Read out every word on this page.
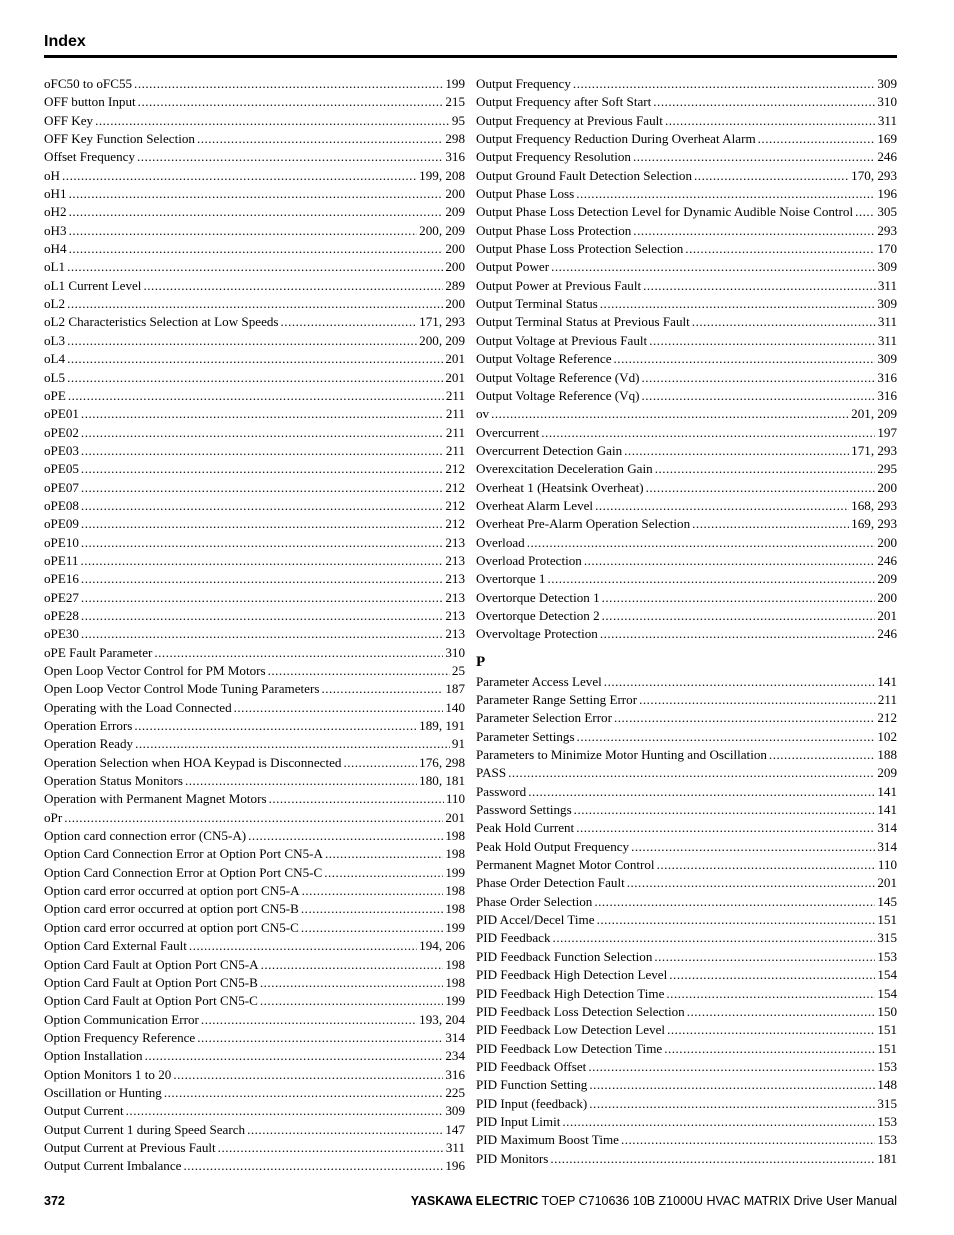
Index
oFC50 to oFC55 .....	199
OFF button Input .....	215
OFF Key .....	95
OFF Key Function Selection .....	298
Offset Frequency .....	316
oH .....	199, 208
oH1 .....	200
oH2 .....	209
oH3 .....	200, 209
oH4 .....	200
oL1 .....	200
oL1 Current Level .....	289
oL2 .....	200
oL2 Characteristics Selection at Low Speeds .....	171, 293
oL3 .....	200, 209
oL4 .....	201
oL5 .....	201
oPE .....	211
oPE01 .....	211
oPE02 .....	211
oPE03 .....	211
oPE05 .....	212
oPE07 .....	212
oPE08 .....	212
oPE09 .....	212
oPE10 .....	213
oPE11 .....	213
oPE16 .....	213
oPE27 .....	213
oPE28 .....	213
oPE30 .....	213
oPE Fault Parameter .....	310
Open Loop Vector Control for PM Motors .....	25
Open Loop Vector Control Mode Tuning Parameters .....	187
Operating with the Load Connected .....	140
Operation Errors .....	189, 191
Operation Ready .....	91
Operation Selection when HOA Keypad is Disconnected .....	176, 298
Operation Status Monitors .....	180, 181
Operation with Permanent Magnet Motors .....	110
oPr .....	201
Option card connection error (CN5-A) .....	198
Option Card Connection Error at Option Port CN5-A .....	198
Option Card Connection Error at Option Port CN5-C .....	199
Option card error occurred at option port CN5-A .....	198
Option card error occurred at option port CN5-B .....	198
Option card error occurred at option port CN5-C .....	199
Option Card External Fault .....	194, 206
Option Card Fault at Option Port CN5-A .....	198
Option Card Fault at Option Port CN5-B .....	198
Option Card Fault at Option Port CN5-C .....	199
Option Communication Error .....	193, 204
Option Frequency Reference .....	314
Option Installation .....	234
Option Monitors 1 to 20 .....	316
Oscillation or Hunting .....	225
Output Current .....	309
Output Current 1 during Speed Search .....	147
Output Current at Previous Fault .....	311
Output Current Imbalance .....	196
Output Frequency .....	309
Output Frequency after Soft Start .....	310
Output Frequency at Previous Fault .....	311
Output Frequency Reduction During Overheat Alarm .....	169
Output Frequency Resolution .....	246
Output Ground Fault Detection Selection .....	170, 293
Output Phase Loss .....	196
Output Phase Loss Detection Level for Dynamic Audible Noise Control ..... 305
Output Phase Loss Protection .....	293
Output Phase Loss Protection Selection .....	170
Output Power .....	309
Output Power at Previous Fault .....	311
Output Terminal Status .....	309
Output Terminal Status at Previous Fault .....	311
Output Voltage at Previous Fault .....	311
Output Voltage Reference .....	309
Output Voltage Reference (Vd) .....	316
Output Voltage Reference (Vq) .....	316
ov .....	201, 209
Overcurrent .....	197
Overcurrent Detection Gain .....	171, 293
Overexcitation Deceleration Gain .....	295
Overheat 1 (Heatsink Overheat) .....	200
Overheat Alarm Level .....	168, 293
Overheat Pre-Alarm Operation Selection .....	169, 293
Overload .....	200
Overload Protection .....	246
Overtorque 1 .....	209
Overtorque Detection 1 .....	200
Overtorque Detection 2 .....	201
Overvoltage Protection .....	246
P
Parameter Access Level .....	141
Parameter Range Setting Error .....	211
Parameter Selection Error .....	212
Parameter Settings .....	102
Parameters to Minimize Motor Hunting and Oscillation .....	188
PASS .....	209
Password .....	141
Password Settings .....	141
Peak Hold Current .....	314
Peak Hold Output Frequency .....	314
Permanent Magnet Motor Control .....	110
Phase Order Detection Fault .....	201
Phase Order Selection .....	145
PID Accel/Decel Time .....	151
PID Feedback .....	315
PID Feedback Function Selection .....	153
PID Feedback High Detection Level .....	154
PID Feedback High Detection Time .....	154
PID Feedback Loss Detection Selection .....	150
PID Feedback Low Detection Level .....	151
PID Feedback Low Detection Time .....	151
PID Feedback Offset .....	153
PID Function Setting .....	148
PID Input (feedback) .....	315
PID Input Limit .....	153
PID Maximum Boost Time .....	153
PID Monitors .....	181
372	YASKAWA ELECTRIC TOEP C710636 10B Z1000U HVAC MATRIX Drive User Manual
